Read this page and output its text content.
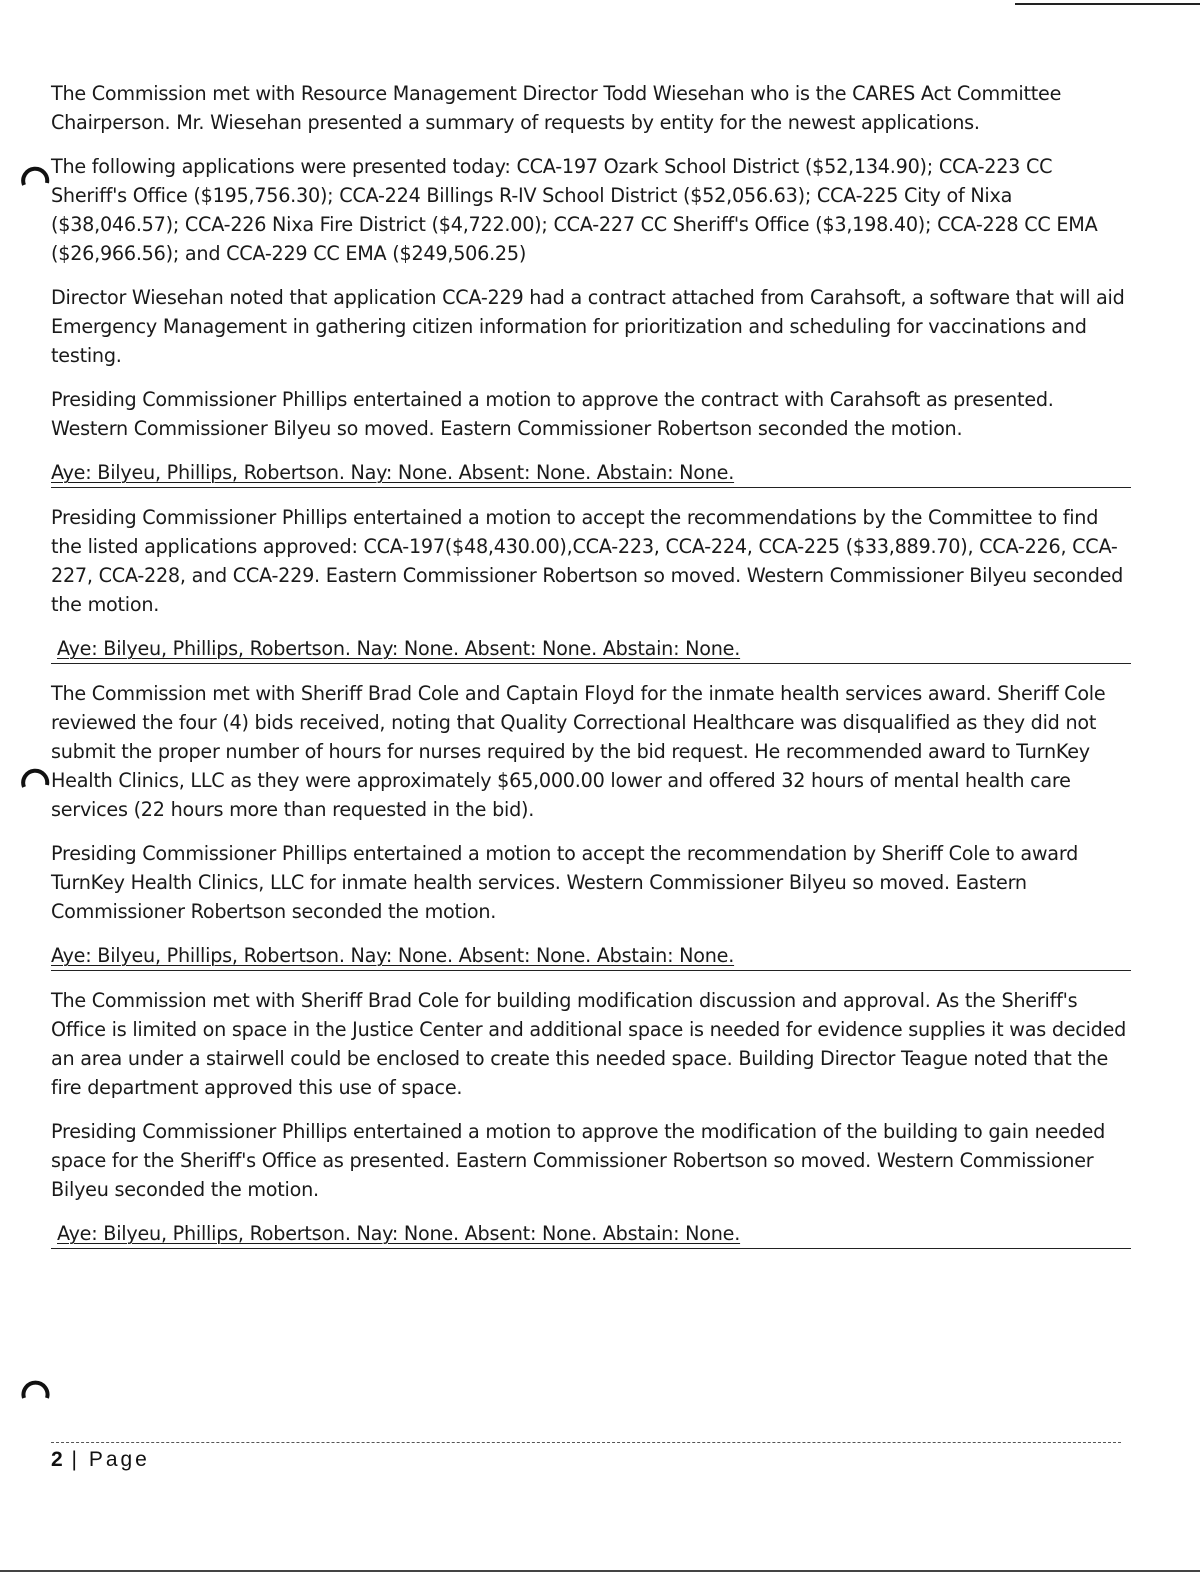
The Commission met with Resource Management Director Todd Wiesehan who is the CARES Act Committee Chairperson. Mr. Wiesehan presented a summary of requests by entity for the newest applications.

The following applications were presented today: CCA-197 Ozark School District ($52,134.90); CCA-223 CC Sheriff's Office ($195,756.30); CCA-224 Billings R-IV School District ($52,056.63); CCA-225 City of Nixa ($38,046.57); CCA-226 Nixa Fire District ($4,722.00); CCA-227 CC Sheriff's Office ($3,198.40); CCA-228 CC EMA ($26,966.56); and CCA-229 CC EMA ($249,506.25)

Director Wiesehan noted that application CCA-229 had a contract attached from Carahsoft, a software that will aid Emergency Management in gathering citizen information for prioritization and scheduling for vaccinations and testing.

Presiding Commissioner Phillips entertained a motion to approve the contract with Carahsoft as presented. Western Commissioner Bilyeu so moved. Eastern Commissioner Robertson seconded the motion.

Aye: Bilyeu, Phillips, Robertson. Nay: None. Absent: None. Abstain: None.

Presiding Commissioner Phillips entertained a motion to accept the recommendations by the Committee to find the listed applications approved: CCA-197($48,430.00),CCA-223, CCA-224, CCA-225 ($33,889.70), CCA-226, CCA-227, CCA-228, and CCA-229. Eastern Commissioner Robertson so moved. Western Commissioner Bilyeu seconded the motion.

Aye: Bilyeu, Phillips, Robertson. Nay: None. Absent: None. Abstain: None.

The Commission met with Sheriff Brad Cole and Captain Floyd for the inmate health services award. Sheriff Cole reviewed the four (4) bids received, noting that Quality Correctional Healthcare was disqualified as they did not submit the proper number of hours for nurses required by the bid request. He recommended award to TurnKey Health Clinics, LLC as they were approximately $65,000.00 lower and offered 32 hours of mental health care services (22 hours more than requested in the bid).

Presiding Commissioner Phillips entertained a motion to accept the recommendation by Sheriff Cole to award TurnKey Health Clinics, LLC for inmate health services. Western Commissioner Bilyeu so moved. Eastern Commissioner Robertson seconded the motion.

Aye: Bilyeu, Phillips, Robertson. Nay: None. Absent: None. Abstain: None.

The Commission met with Sheriff Brad Cole for building modification discussion and approval. As the Sheriff's Office is limited on space in the Justice Center and additional space is needed for evidence supplies it was decided an area under a stairwell could be enclosed to create this needed space. Building Director Teague noted that the fire department approved this use of space.

Presiding Commissioner Phillips entertained a motion to approve the modification of the building to gain needed space for the Sheriff's Office as presented. Eastern Commissioner Robertson so moved. Western Commissioner Bilyeu seconded the motion.

Aye: Bilyeu, Phillips, Robertson. Nay: None. Absent: None. Abstain: None.
2 | Page
